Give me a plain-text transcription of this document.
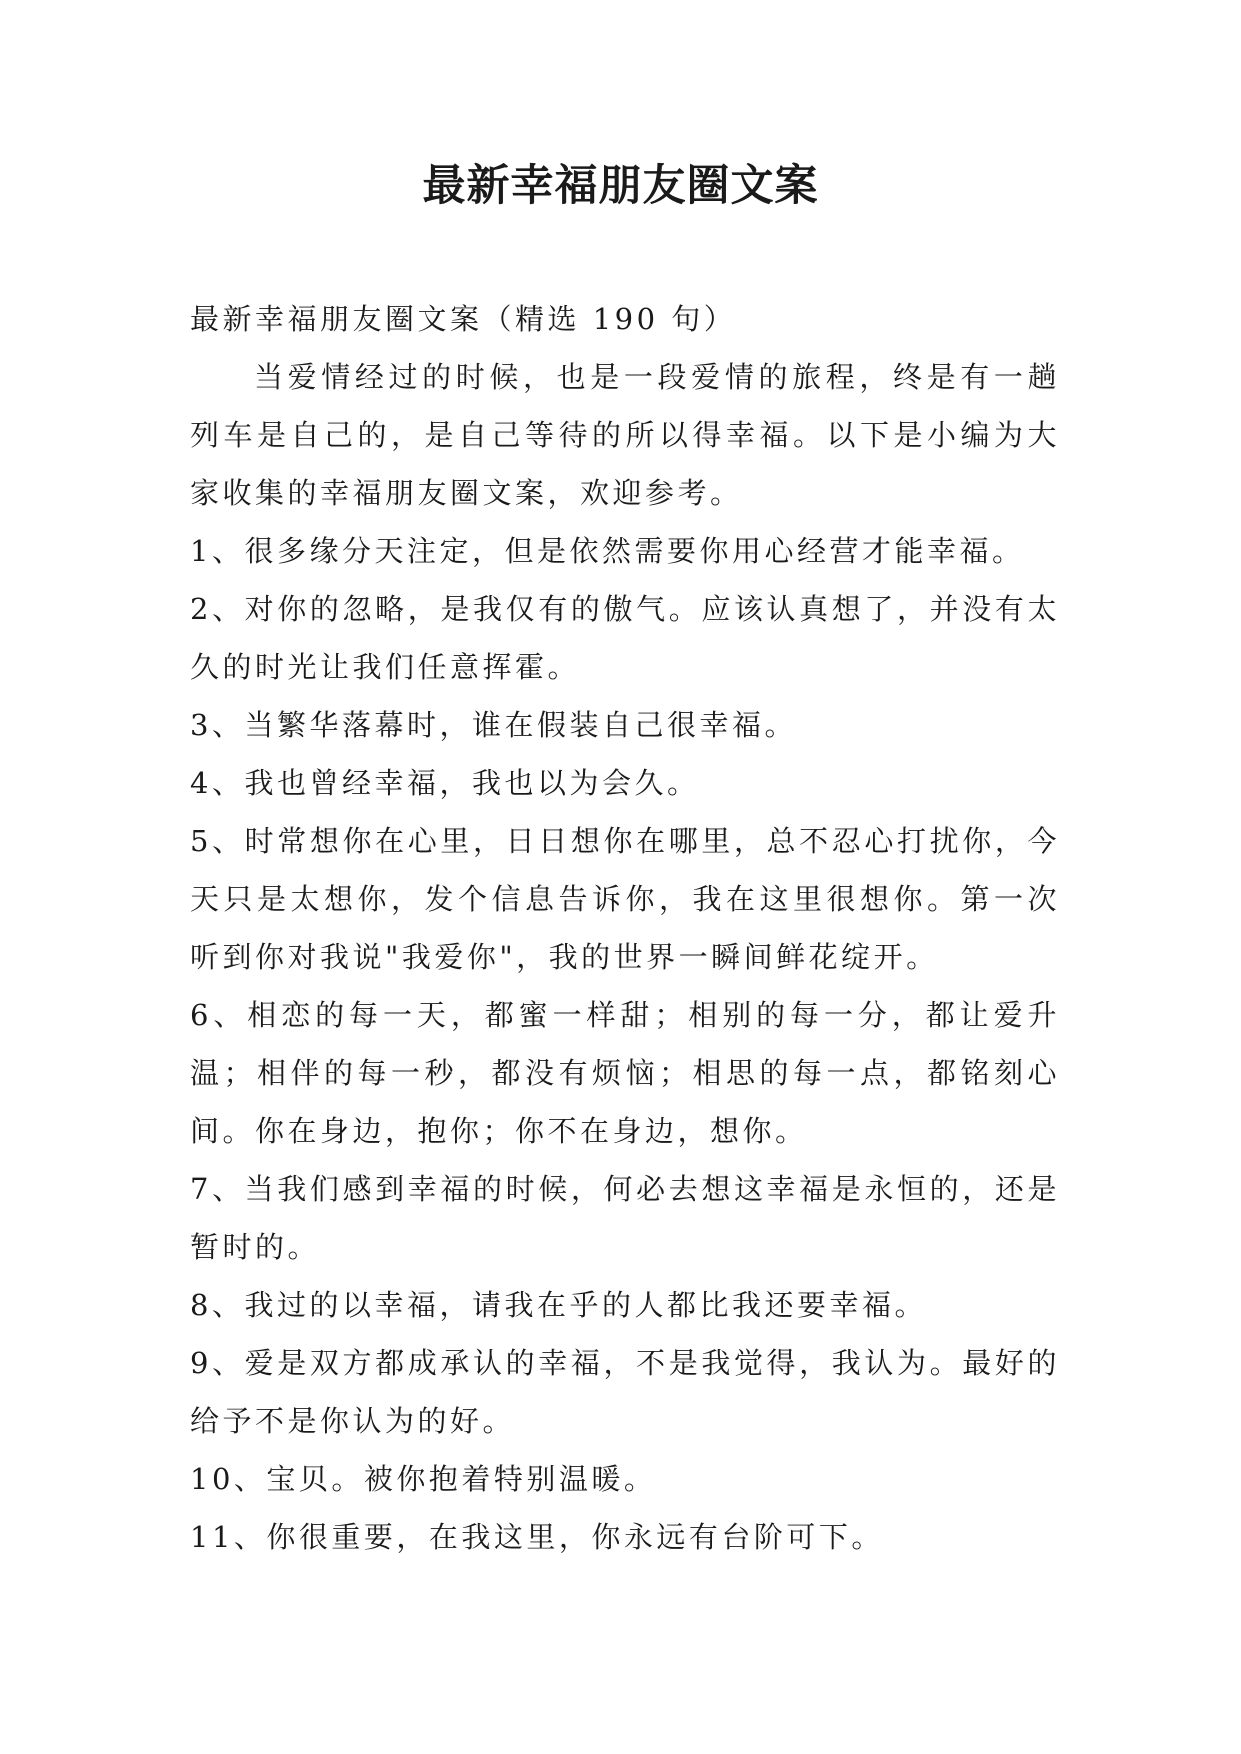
最新幸福朋友圈文案

最新幸福朋友圈文案（精选 190 句）

当爱情经过的时候，也是一段爱情的旅程，终是有一趟列车是自己的，是自己等待的所以得幸福。以下是小编为大家收集的幸福朋友圈文案，欢迎参考。

1、很多缘分天注定，但是依然需要你用心经营才能幸福。

2、对你的忽略，是我仅有的傲气。应该认真想了，并没有太久的时光让我们任意挥霍。

3、当繁华落幕时，谁在假装自己很幸福。

4、我也曾经幸福，我也以为会久。

5、时常想你在心里，日日想你在哪里，总不忍心打扰你，今天只是太想你，发个信息告诉你，我在这里很想你。第一次听到你对我说"我爱你"，我的世界一瞬间鲜花绽开。

6、相恋的每一天，都蜜一样甜；相别的每一分，都让爱升温；相伴的每一秒，都没有烦恼；相思的每一点，都铭刻心间。你在身边，抱你；你不在身边，想你。

7、当我们感到幸福的时候，何必去想这幸福是永恒的，还是暂时的。

8、我过的以幸福，请我在乎的人都比我还要幸福。

9、爱是双方都成承认的幸福，不是我觉得，我认为。最好的给予不是你认为的好。

10、宝贝。被你抱着特别温暖。

11、你很重要，在我这里，你永远有台阶可下。
